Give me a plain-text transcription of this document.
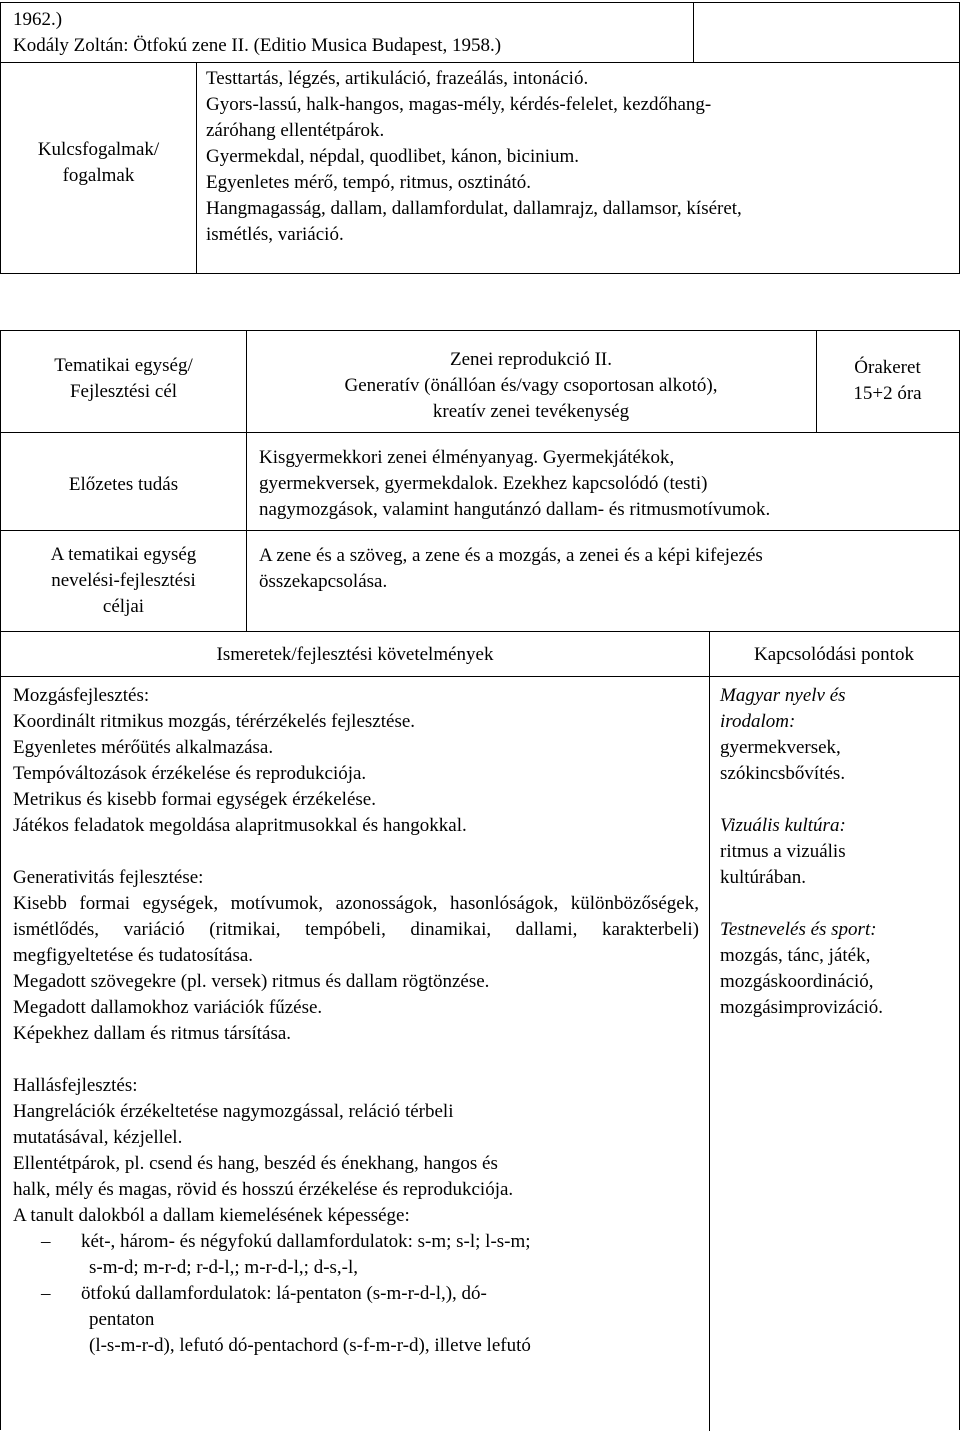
1962.)
Kodály Zoltán: Ötfokú zene II. (Editio Musica Budapest, 1958.)
Kulcsfogalmak/ fogalmak
Testtartás, légzés, artikuláció, frazeálás, intonáció.
Gyors-lassú, halk-hangos, magas-mély, kérdés-felelet, kezdőhang-
záróhang ellentétpárok.
Gyermekdal, népdal, quodlibet, kánon, bicinium.
Egyenletes mérő, tempó, ritmus, osztinátó.
Hangmagasság, dallam, dallamfordulat, dallamrajz, dallamsor, kíséret,
ismétlés, variáció.
Tematikai egység/ Fejlesztési cél
Zenei reprodukció II.
Generatív (önállóan és/vagy csoportosan alkotó),
kreatív zenei tevékenység
Órakeret
15+2 óra
Előzetes tudás
Kisgyermekkori zenei élményanyag. Gyermekjátékok,
gyermekversek, gyermekdalok. Ezekhez kapcsolódó (testi)
nagymozgások, valamint hangutánzó dallam- és ritmusmotívumok.
A tematikai egység
nevelési-fejlesztési
céljai
A zene és a szöveg, a zene és a mozgás, a zenei és a képi kifejezés
összekapcsolása.
Ismeretek/fejlesztési követelmények	Kapcsolódási pontok
Mozgásfejlesztés:
Koordinált ritmikus mozgás, térérzékelés fejlesztése.
Egyenletes mérőütés alkalmazása.
Tempóváltozások érzékelése és reprodukciója.
Metrikus és kisebb formai egységek érzékelése.
Játékos feladatok megoldása alapritmusokkal és hangokkal.
Generativitás fejlesztése:
Kisebb formai egységek, motívumok, azonosságok, hasonlóságok, különbözőségek, ismétlődés, variáció (ritmikai, tempóbeli, dinamikai, dallami, karakterbeli) megfigyeltetése és tudatosítása.
Megadott szövegekre (pl. versek) ritmus és dallam rögtönzése.
Megadott dallamokhoz variációk fűzése.
Képekhez dallam és ritmus társítása.
Hallásfejlesztés:
Hangrelációk érzékeltetése nagymozgással, reláció térbeli
mutatásával, kézjellel.
Ellentétpárok, pl. csend és hang, beszéd és énekhang, hangos és
halk, mély és magas, rövid és hosszú érzékelése és reprodukciója.
A tanult dalokból a dallam kiemelésének képessége:
– két-, három- és négyfokú dallamfordulatok: s-m; s-l; l-s-m;
s-m-d; m-r-d; r-d-l,; m-r-d-l,; d-s,-l,
– ötfokú dallamfordulatok: lá-pentaton (s-m-r-d-l,), dó-
pentaton
(l-s-m-r-d), lefutó dó-pentachord (s-f-m-r-d), illetve lefutó
Magyar nyelv és
irodalom:
gyermekversek,
szókincsbővítés.
Vizuális kultúra:
ritmus a vizuális
kultúrában.
Testnevelés és sport:
mozgás, tánc, játék,
mozgáskoordináció,
mozgásimprovizáció.
